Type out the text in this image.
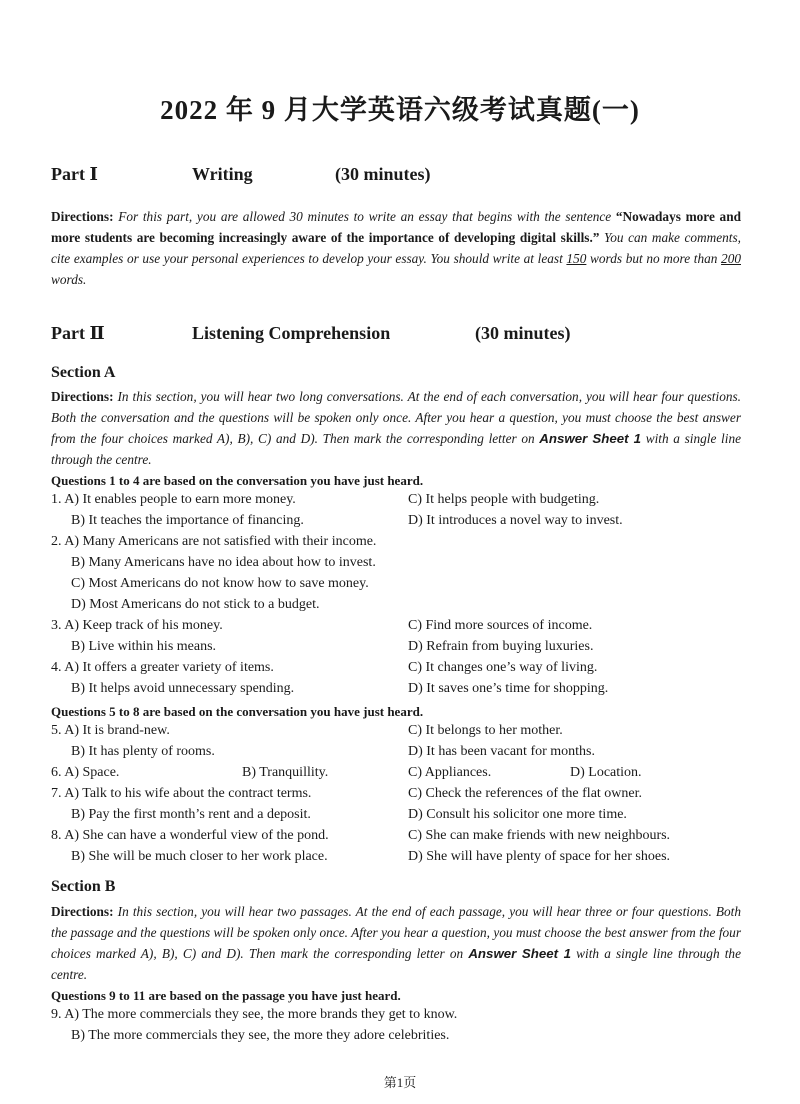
2022 年 9 月大学英语六级考试真题(一)
Part Ⅰ	Writing	(30 minutes)
Directions: For this part, you are allowed 30 minutes to write an essay that begins with the sentence “Nowadays more and more students are becoming increasingly aware of the importance of developing digital skills.” You can make comments, cite examples or use your personal experiences to develop your essay. You should write at least 150 words but no more than 200 words.
Part Ⅱ	Listening Comprehension	(30 minutes)
Section A
Directions: In this section, you will hear two long conversations. At the end of each conversation, you will hear four questions. Both the conversation and the questions will be spoken only once. After you hear a question, you must choose the best answer from the four choices marked A), B), C) and D). Then mark the corresponding letter on Answer Sheet 1 with a single line through the centre.
Questions 1 to 4 are based on the conversation you have just heard.
1. A) It enables people to earn more money.	C) It helps people with budgeting.
B) It teaches the importance of financing.	D) It introduces a novel way to invest.
2. A) Many Americans are not satisfied with their income.
B) Many Americans have no idea about how to invest.
C) Most Americans do not know how to save money.
D) Most Americans do not stick to a budget.
3. A) Keep track of his money.	C) Find more sources of income.
B) Live within his means.	D) Refrain from buying luxuries.
4. A) It offers a greater variety of items.	C) It changes one’s way of living.
B) It helps avoid unnecessary spending.	D) It saves one’s time for shopping.
Questions 5 to 8 are based on the conversation you have just heard.
5. A) It is brand-new.	C) It belongs to her mother.
B) It has plenty of rooms.	D) It has been vacant for months.
6. A) Space.	B) Tranquillity.	C) Appliances.	D) Location.
7. A) Talk to his wife about the contract terms.	C) Check the references of the flat owner.
B) Pay the first month’s rent and a deposit.	D) Consult his solicitor one more time.
8. A) She can have a wonderful view of the pond.	C) She can make friends with new neighbours.
B) She will be much closer to her work place.	D) She will have plenty of space for her shoes.
Section B
Directions: In this section, you will hear two passages. At the end of each passage, you will hear three or four questions. Both the passage and the questions will be spoken only once. After you hear a question, you must choose the best answer from the four choices marked A), B), C) and D). Then mark the corresponding letter on Answer Sheet 1 with a single line through the centre.
Questions 9 to 11 are based on the passage you have just heard.
9. A) The more commercials they see, the more brands they get to know.
B) The more commercials they see, the more they adore celebrities.
第1页
